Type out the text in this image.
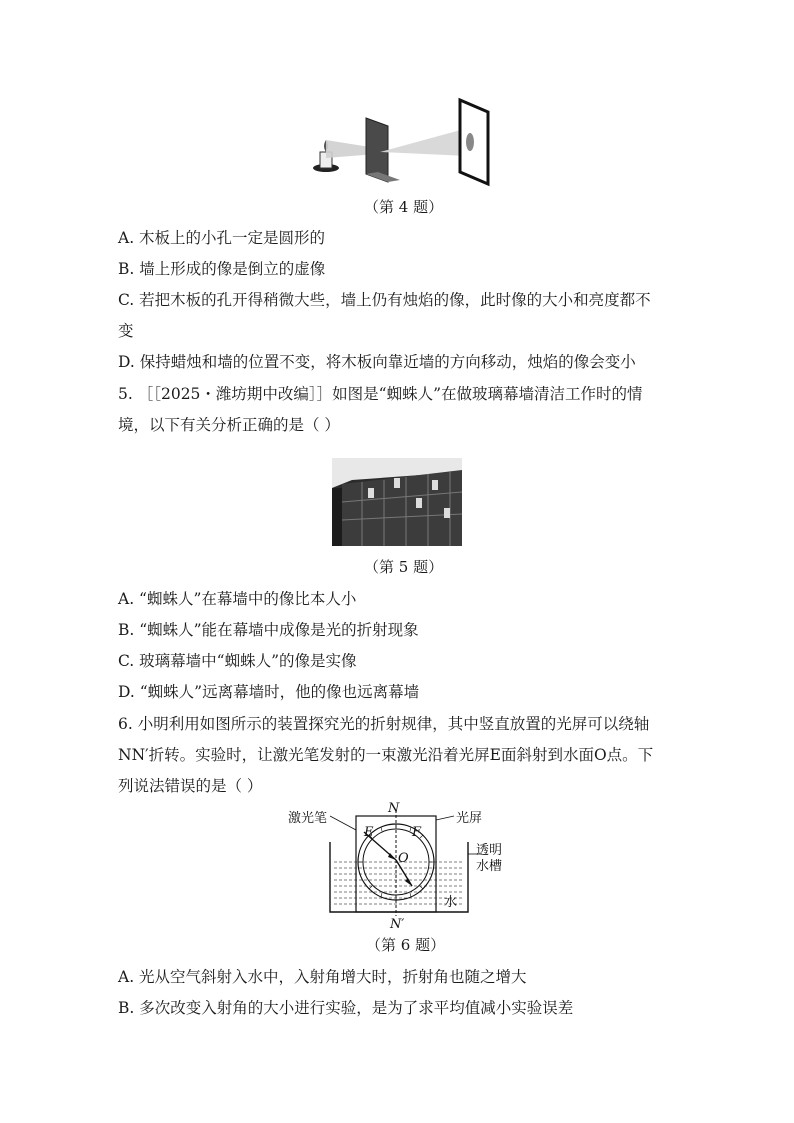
（第 4 题）
A. 木板上的小孔一定是圆形的
B. 墙上形成的像是倒立的虚像
C. 若把木板的孔开得稍微大些，墙上仍有烛焰的像，此时像的大小和亮度都不
变
D. 保持蜡烛和墙的位置不变，将木板向靠近墙的方向移动，烛焰的像会变小
5. ［［2025・潍坊期中改编］］如图是“蜘蛛人”在做玻璃幕墙清洁工作时的情
境，以下有关分析正确的是（ ）
（第 5 题）
A. “蜘蛛人”在幕墙中的像比本人小
B. “蜘蛛人”能在幕墙中成像是光的折射现象
C. 玻璃幕墙中“蜘蛛人”的像是实像
D. “蜘蛛人”远离幕墙时，他的像也远离幕墙
6. 小明利用如图所示的装置探究光的折射规律，其中竖直放置的光屏可以绕轴
NN′折转。实验时，让激光笔发射的一束激光沿着光屏E面斜射到水面O点。下
列说法错误的是（ ）
激光笔	光屏
透明
水槽
水
N
N′
E	F
O
（第 6 题）
A. 光从空气斜射入水中，入射角增大时，折射角也随之增大
B. 多次改变入射角的大小进行实验，是为了求平均值减小实验误差
